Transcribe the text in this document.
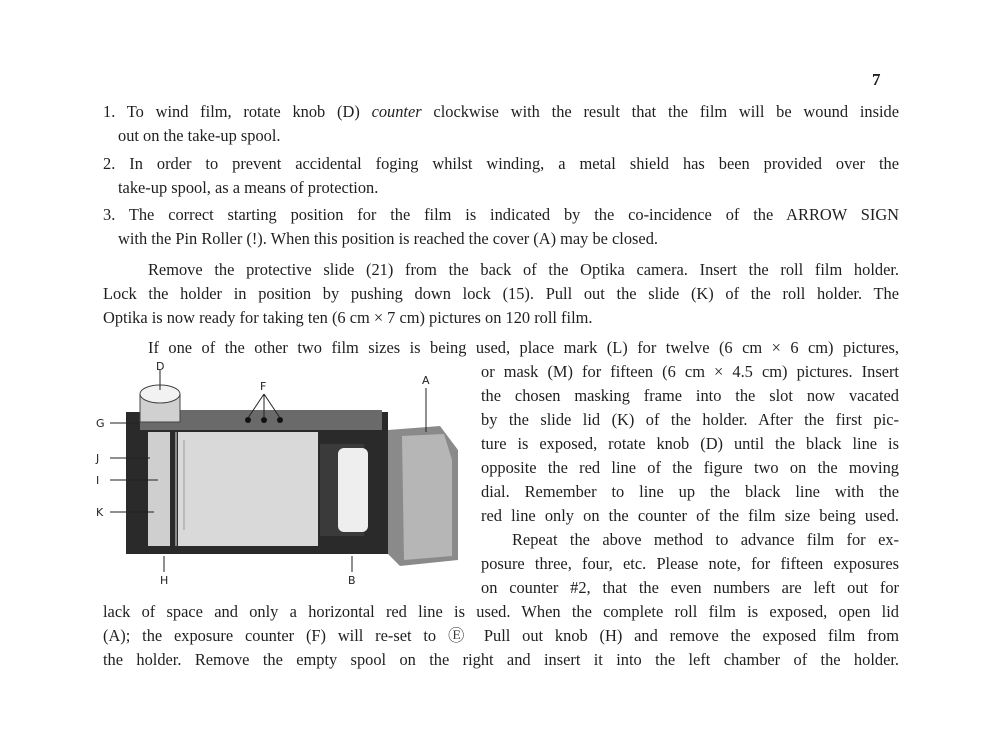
7
1. To wind film, rotate knob (D) counter clockwise with the result that the film will be wound inside
out on the take-up spool.
2. In order to prevent accidental foging whilst winding, a metal shield has been provided over the
take-up spool, as a means of protection.
3. The correct starting position for the film is indicated by the co-incidence of the ARROW SIGN
with the Pin Roller (!). When this position is reached the cover (A) may be closed.
Remove the protective slide (21) from the back of the Optika camera. Insert the roll film holder.
Lock the holder in position by pushing down lock (15). Pull out the slide (K) of the roll holder. The
Optika is now ready for taking ten (6 cm × 7 cm) pictures on 120 roll film.
If one of the other two film sizes is being used, place mark (L) for twelve (6 cm × 6 cm) pictures,
or mask (M) for fifteen (6 cm × 4.5 cm) pictures. Insert
the chosen masking frame into the slot now vacated
by the slide lid (K) of the holder. After the first pic-
ture is exposed, rotate knob (D) until the black line is
opposite the red line of the figure two on the moving
dial. Remember to line up the black line with the
red line only on the counter of the film size being used.
Repeat the above method to advance film for ex-
posure three, four, etc. Please note, for fifteen exposures
on counter #2, that the even numbers are left out for
lack of space and only a horizontal red line is used. When the complete roll film is exposed, open lid
(A); the exposure counter (F) will re-set to Ⓔ Pull out knob (H) and remove the exposed film from
the holder. Remove the empty spool on the right and insert it into the left chamber of the holder.
D
F	A
G
J
I
K
H	B
